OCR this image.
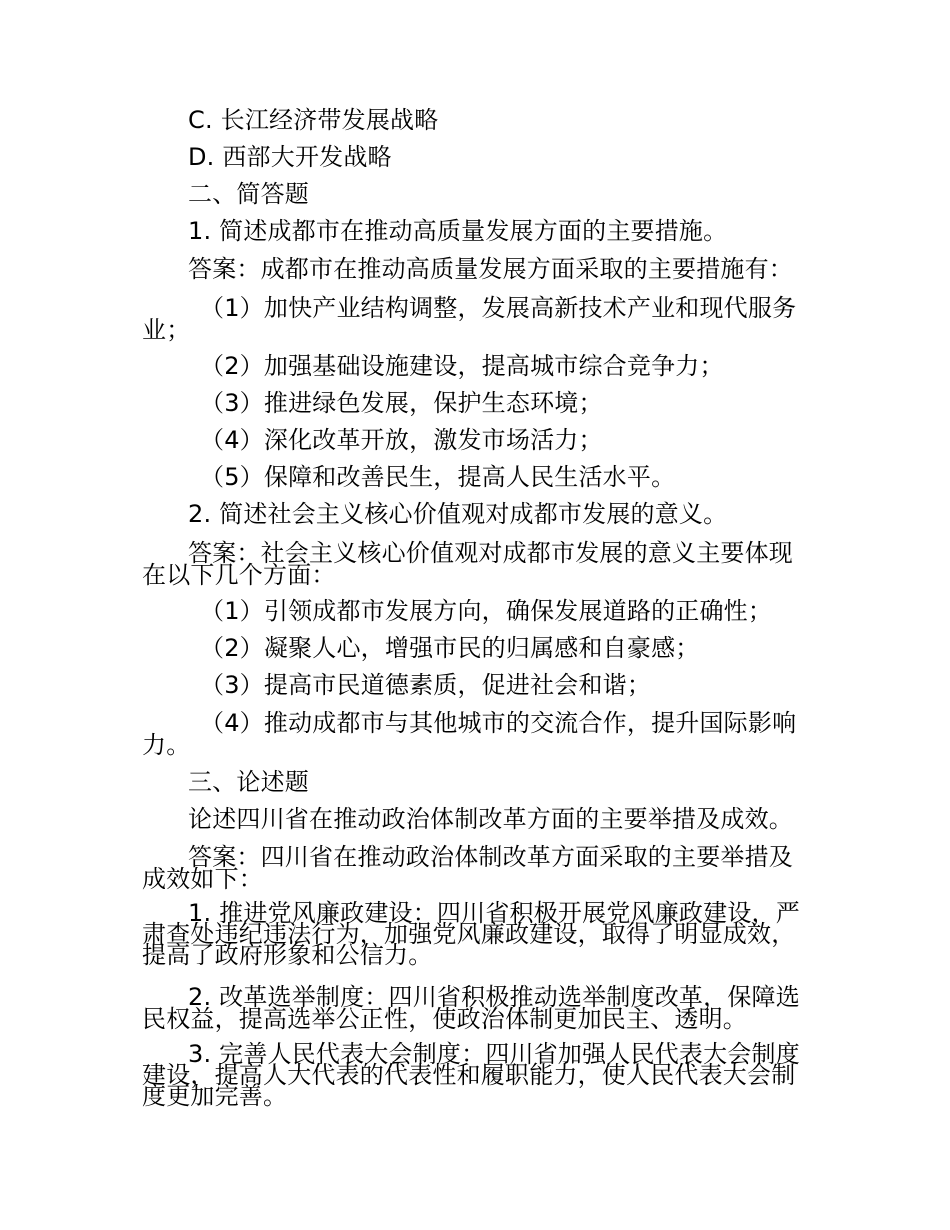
C. 长江经济带发展战略
D. 西部大开发战略
二、简答题
1. 简述成都市在推动高质量发展方面的主要措施。
答案：成都市在推动高质量发展方面采取的主要措施有：
（1）加快产业结构调整，发展高新技术产业和现代服务业；
（2）加强基础设施建设，提高城市综合竞争力；
（3）推进绿色发展，保护生态环境；
（4）深化改革开放，激发市场活力；
（5）保障和改善民生，提高人民生活水平。
2. 简述社会主义核心价值观对成都市发展的意义。
答案：社会主义核心价值观对成都市发展的意义主要体现在以下几个方面：
（1）引领成都市发展方向，确保发展道路的正确性；
（2）凝聚人心，增强市民的归属感和自豪感；
（3）提高市民道德素质，促进社会和谐；
（4）推动成都市与其他城市的交流合作，提升国际影响力。
三、论述题
论述四川省在推动政治体制改革方面的主要举措及成效。
答案：四川省在推动政治体制改革方面采取的主要举措及成效如下：
1. 推进党风廉政建设：四川省积极开展党风廉政建设，严肃查处违纪违法行为，加强党风廉政建设，取得了明显成效，提高了政府形象和公信力。
2. 改革选举制度：四川省积极推动选举制度改革，保障选民权益，提高选举公正性，使政治体制更加民主、透明。
3. 完善人民代表大会制度：四川省加强人民代表大会制度建设，提高人大代表的代表性和履职能力，使人民代表大会制度更加完善。
